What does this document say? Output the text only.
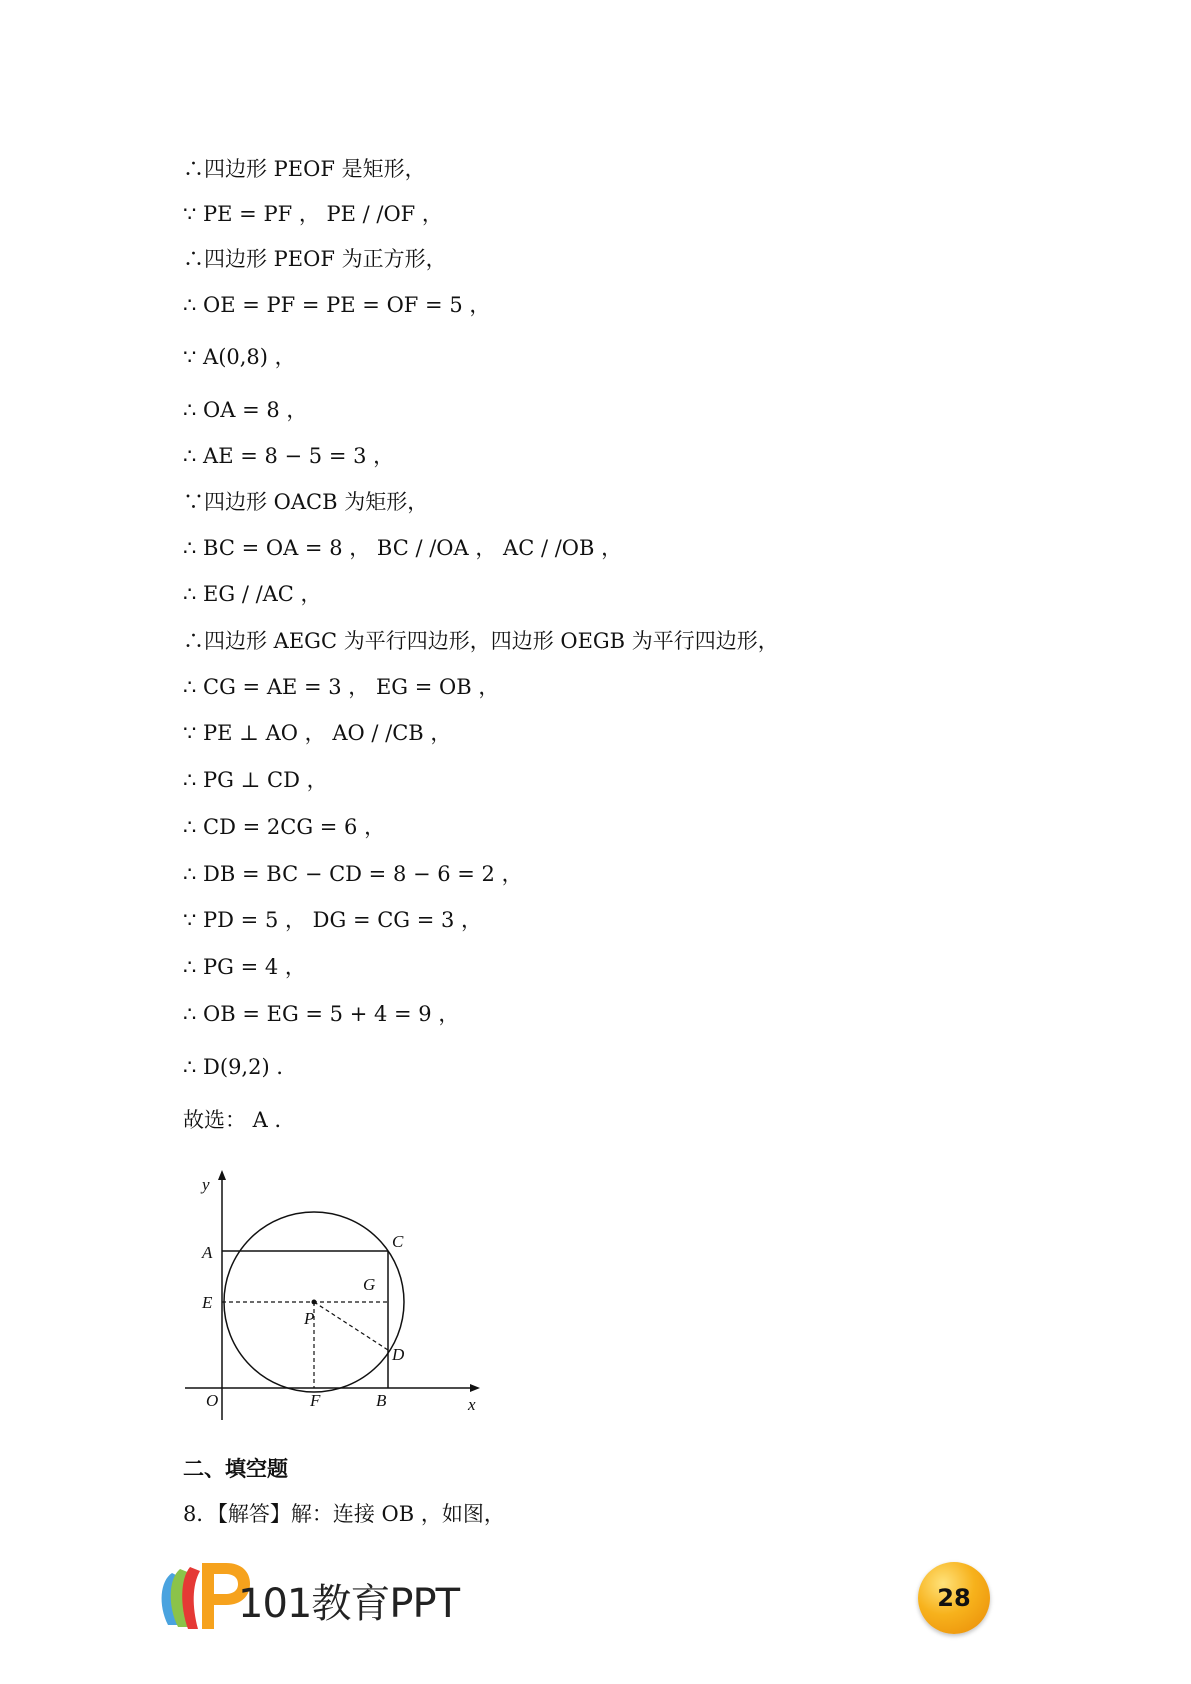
∴四边形 PEOF 是矩形，
∵ PE = PF ， PE / /OF ，
∴四边形 PEOF 为正方形，
∴ OE = PF = PE = OF = 5 ，
∵ A(0,8) ，
∴ OA = 8 ，
∴ AE = 8 − 5 = 3 ，
∵四边形 OACB 为矩形，
∴ BC = OA = 8 ， BC / /OA ， AC / /OB ，
∴ EG / /AC ，
∴四边形 AEGC 为平行四边形，四边形 OEGB 为平行四边形，
∴ CG = AE = 3 ， EG = OB ，
∵ PE ⊥ AO ， AO / /CB ，
∴ PG ⊥ CD ，
∴ CD = 2CG = 6 ，
∴ DB = BC − CD = 8 − 6 = 2 ，
∵ PD = 5 ， DG = CG = 3 ，
∴ PG = 4 ，
∴ OB = EG = 5 + 4 = 9 ，
∴ D(9,2) ．
故选： A ．
y
x
A
C
G
E
P
D
O	F	B
二、填空题
8．【解答】解：连接 OB ，如图，
101教育PPT	28
